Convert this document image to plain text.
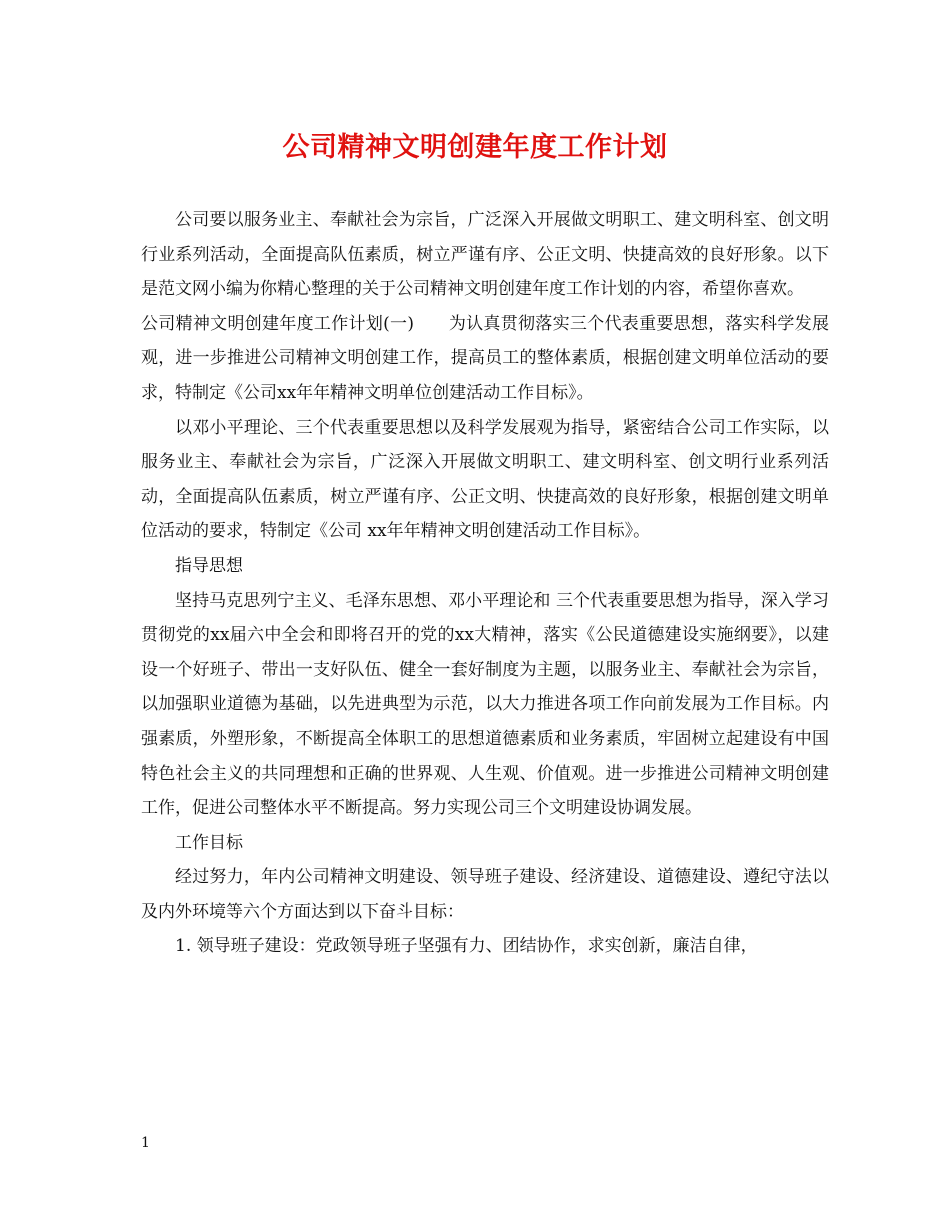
公司精神文明创建年度工作计划

公司要以服务业主、奉献社会为宗旨，广泛深入开展做文明职工、建文明科室、创文明行业系列活动，全面提高队伍素质，树立严谨有序、公正文明、快捷高效的良好形象。以下是范文网小编为你精心整理的关于公司精神文明创建年度工作计划的内容，希望你喜欢。

公司精神文明创建年度工作计划(一)　　为认真贯彻落实三个代表重要思想，落实科学发展观，进一步推进公司精神文明创建工作，提高员工的整体素质，根据创建文明单位活动的要求，特制定《公司xx年年精神文明单位创建活动工作目标》。

以邓小平理论、三个代表重要思想以及科学发展观为指导，紧密结合公司工作实际，以服务业主、奉献社会为宗旨，广泛深入开展做文明职工、建文明科室、创文明行业系列活动，全面提高队伍素质，树立严谨有序、公正文明、快捷高效的良好形象，根据创建文明单位活动的要求，特制定《公司 xx年年精神文明创建活动工作目标》。

指导思想

坚持马克思列宁主义、毛泽东思想、邓小平理论和 三个代表重要思想为指导，深入学习贯彻党的xx届六中全会和即将召开的党的xx大精神，落实《公民道德建设实施纲要》，以建设一个好班子、带出一支好队伍、健全一套好制度为主题，以服务业主、奉献社会为宗旨，以加强职业道德为基础，以先进典型为示范，以大力推进各项工作向前发展为工作目标。内强素质，外塑形象，不断提高全体职工的思想道德素质和业务素质，牢固树立起建设有中国特色社会主义的共同理想和正确的世界观、人生观、价值观。进一步推进公司精神文明创建工作，促进公司整体水平不断提高。努力实现公司三个文明建设协调发展。

工作目标

经过努力，年内公司精神文明建设、领导班子建设、经济建设、道德建设、遵纪守法以及内外环境等六个方面达到以下奋斗目标：

1. 领导班子建设：党政领导班子坚强有力、团结协作，求实创新，廉洁自律，

1
